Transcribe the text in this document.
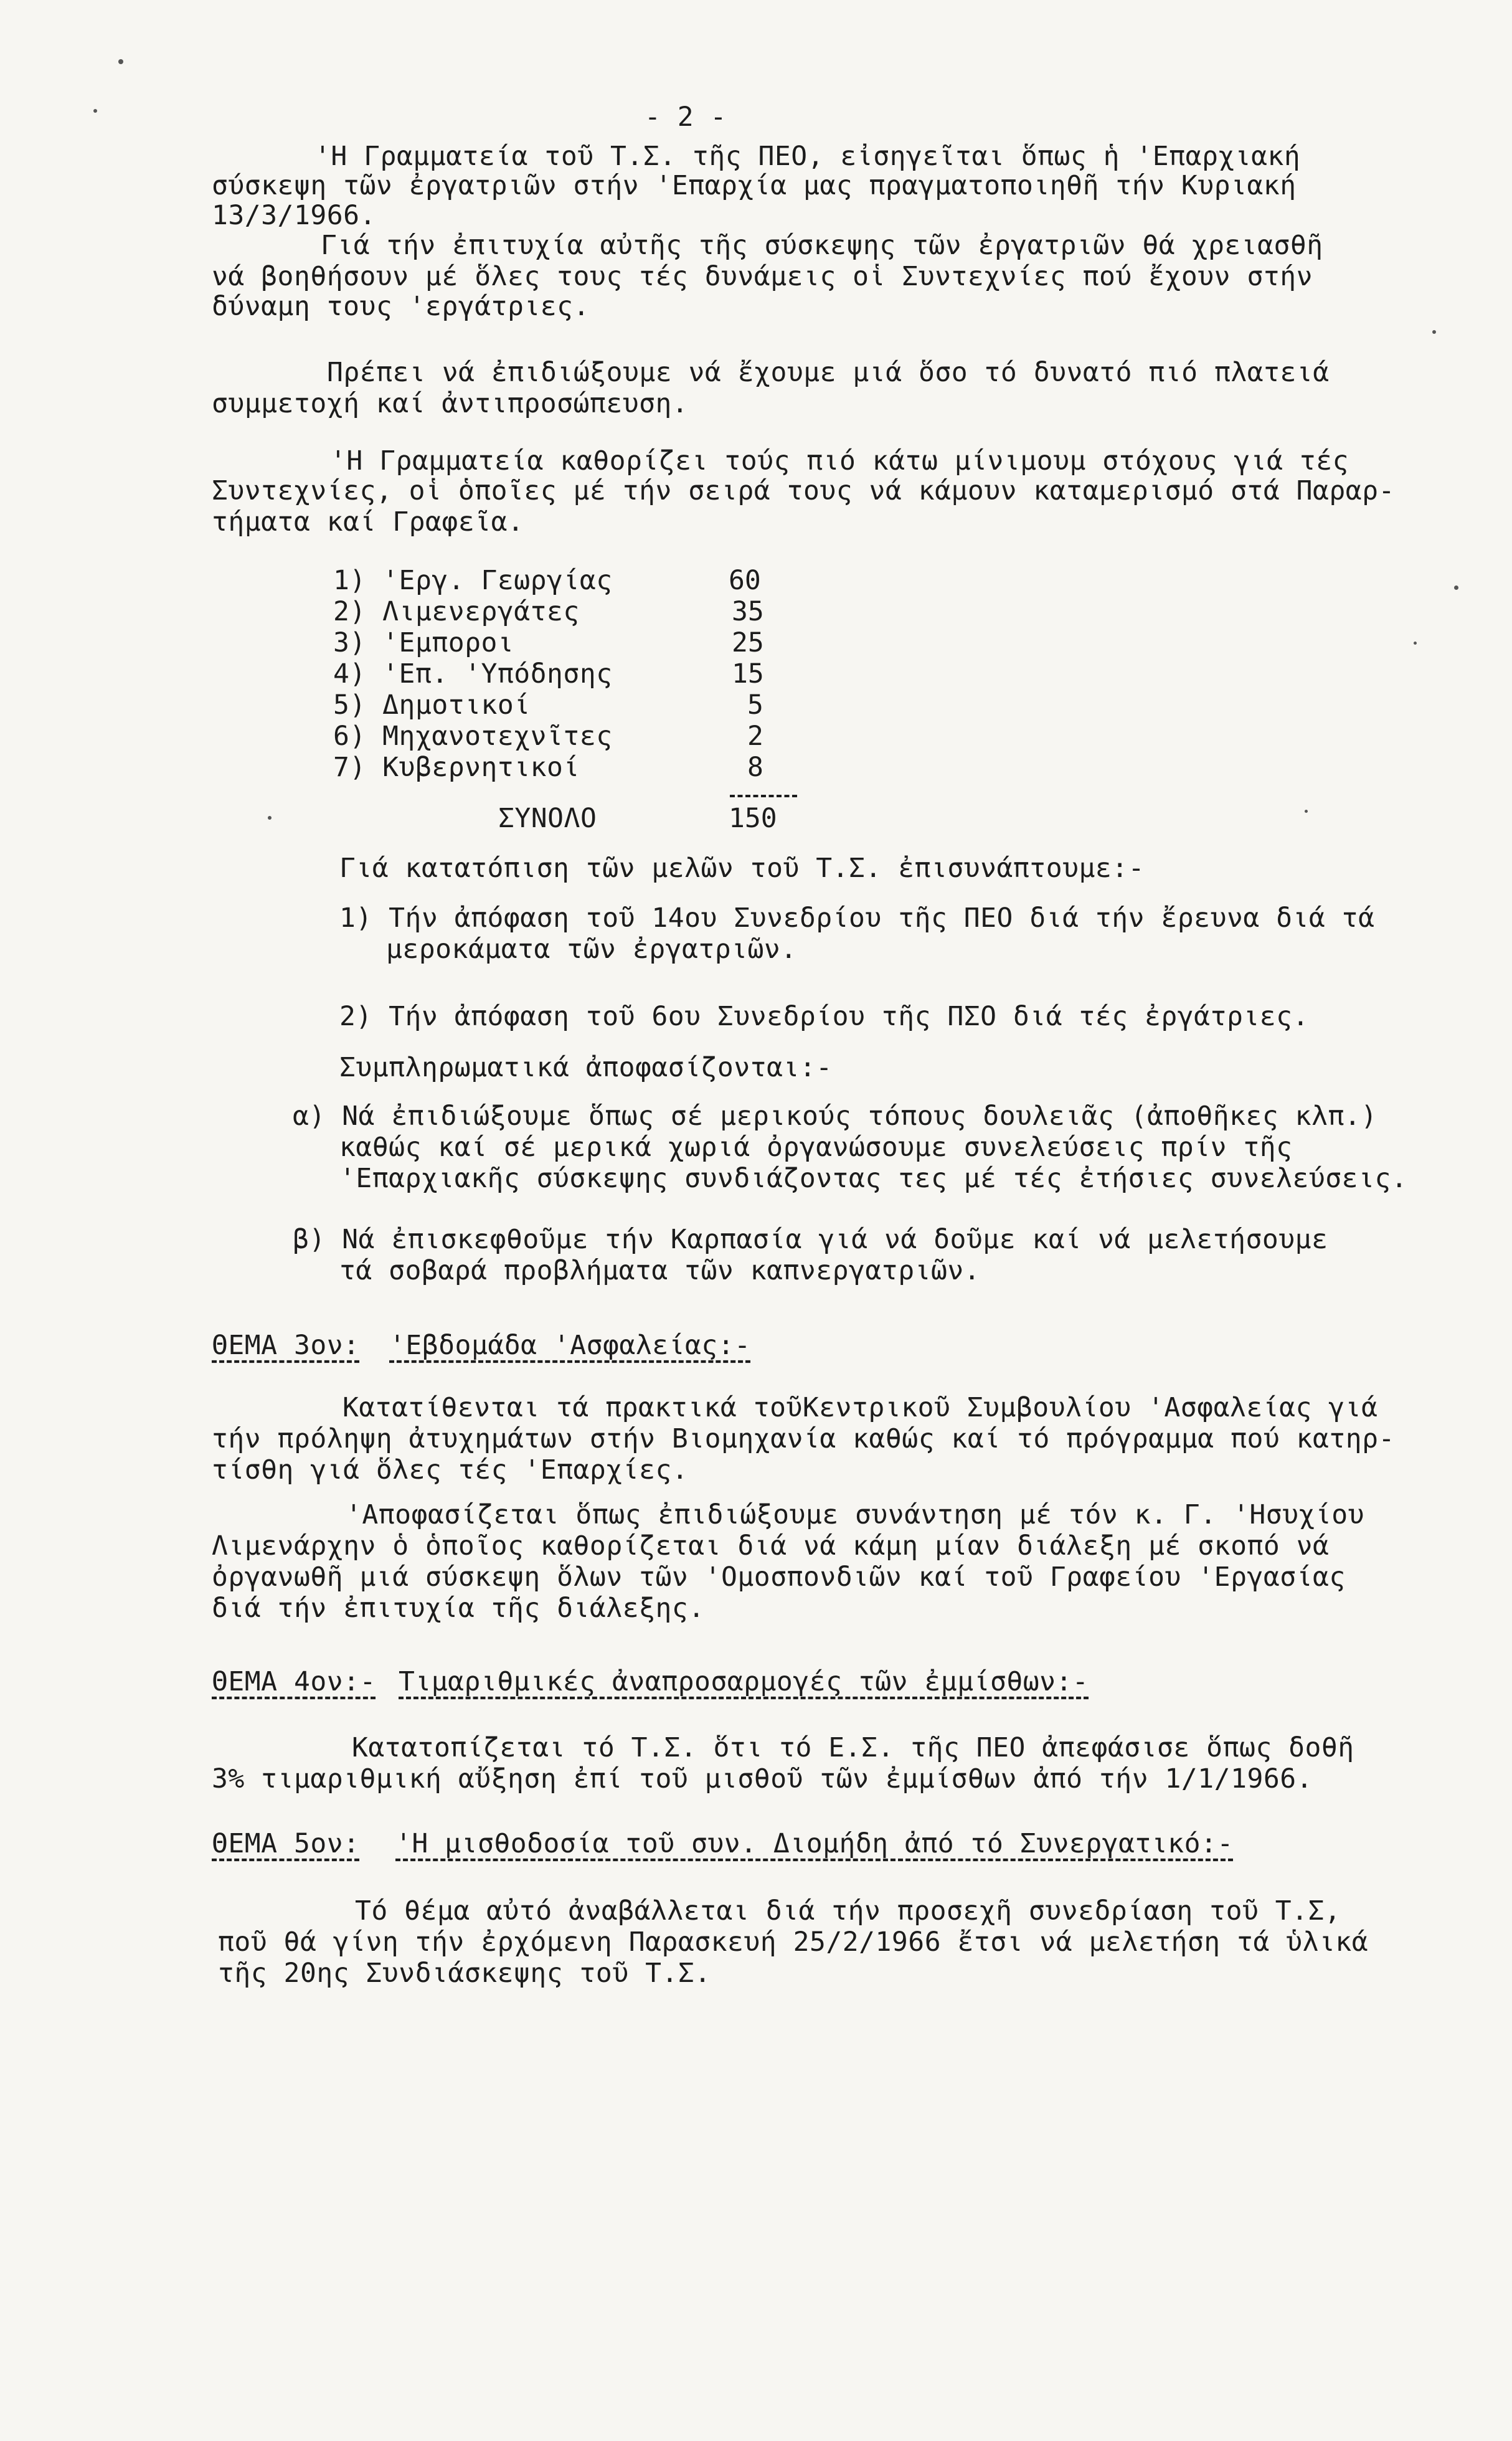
- 2 -
'Η Γραμματεία τοῦ Τ.Σ. τῆς ΠΕΟ, εἰσηγεῖται ὅπως ἡ 'Επαρχιακή
σύσκεψη τῶν ἐργατριῶν στήν 'Επαρχία μας πραγματοποιηθῆ τήν Κυριακή
13/3/1966.
Γιά τήν ἐπιτυχία αὐτῆς τῆς σύσκεψης τῶν ἐργατριῶν θά χρειασθῆ
νά βοηθήσουν μέ ὅλες τους τές δυνάμεις οἱ Συντεχνίες πού ἔχουν στήν
δύναμη τους 'εργάτριες.
Πρέπει νά ἐπιδιώξουμε νά ἔχουμε μιά ὅσο τό δυνατό πιό πλατειά
συμμετοχή καί ἀντιπροσώπευση.
'Η Γραμματεία καθορίζει τούς πιό κάτω μίνιμουμ στόχους γιά τές
Συντεχνίες, οἱ ὁποῖες μέ τήν σειρά τους νά κάμουν καταμερισμό στά Παραρ-
τήματα καί Γραφεῖα.
1) 'Εργ. Γεωργίας	60
2) Λιμενεργάτες	35
3) 'Εμποροι	25
4) 'Επ. 'Υπόδησης	15
5) Δημοτικοί	5
6) Μηχανοτεχνῖτες	2
7) Κυβερνητικοί	8
ΣΥΝΟΛΟ	150
Γιά κατατόπιση τῶν μελῶν τοῦ Τ.Σ. ἐπισυνάπτουμε:-
1) Τήν ἀπόφαση τοῦ 14ου Συνεδρίου τῆς ΠΕΟ διά τήν ἔρευνα διά τά
μεροκάματα τῶν ἐργατριῶν.
2) Τήν ἀπόφαση τοῦ 6ου Συνεδρίου τῆς ΠΣΟ διά τές ἐργάτριες.
Συμπληρωματικά ἀποφασίζονται:-
α) Νά ἐπιδιώξουμε ὅπως σέ μερικούς τόπους δουλειᾶς (ἀποθῆκες κλπ.)
καθώς καί σέ μερικά χωριά ὀργανώσουμε συνελεύσεις πρίν τῆς
'Επαρχιακῆς σύσκεψης συνδιάζοντας τες μέ τές ἐτήσιες συνελεύσεις.
β) Νά ἐπισκεφθοῦμε τήν Καρπασία γιά νά δοῦμε καί νά μελετήσουμε
τά σοβαρά προβλήματα τῶν καπνεργατριῶν.
ΘΕΜΑ 3ον: 'Εβδομάδα 'Ασφαλείας:-
Κατατίθενται τά πρακτικά τοῦΚεντρικοῦ Συμβουλίου 'Ασφαλείας γιά
τήν πρόληψη ἀτυχημάτων στήν Βιομηχανία καθώς καί τό πρόγραμμα πού κατηρ-
τίσθη γιά ὅλες τές 'Επαρχίες.
'Αποφασίζεται ὅπως ἐπιδιώξουμε συνάντηση μέ τόν κ. Γ. 'Ησυχίου
Λιμενάρχην ὁ ὁποῖος καθορίζεται διά νά κάμη μίαν διάλεξη μέ σκοπό νά
ὀργανωθῆ μιά σύσκεψη ὅλων τῶν 'Ομοσπονδιῶν καί τοῦ Γραφείου 'Εργασίας
διά τήν ἐπιτυχία τῆς διάλεξης.
ΘΕΜΑ 4ον:- Τιμαριθμικές ἀναπροσαρμογές τῶν ἐμμίσθων:-
Κατατοπίζεται τό Τ.Σ. ὅτι τό Ε.Σ. τῆς ΠΕΟ ἀπεφάσισε ὅπως δοθῆ
3% τιμαριθμική αὔξηση ἐπί τοῦ μισθοῦ τῶν ἐμμίσθων ἀπό τήν 1/1/1966.
ΘΕΜΑ 5ον: 'Η μισθοδοσία τοῦ συν. Διομήδη ἀπό τό Συνεργατικό:-
Τό θέμα αὐτό ἀναβάλλεται διά τήν προσεχῆ συνεδρίαση τοῦ Τ.Σ,
ποῦ θά γίνη τήν ἐρχόμενη Παρασκευή 25/2/1966 ἔτσι νά μελετήση τά ὑλικά
τῆς 20ης Συνδιάσκεψης τοῦ Τ.Σ.
